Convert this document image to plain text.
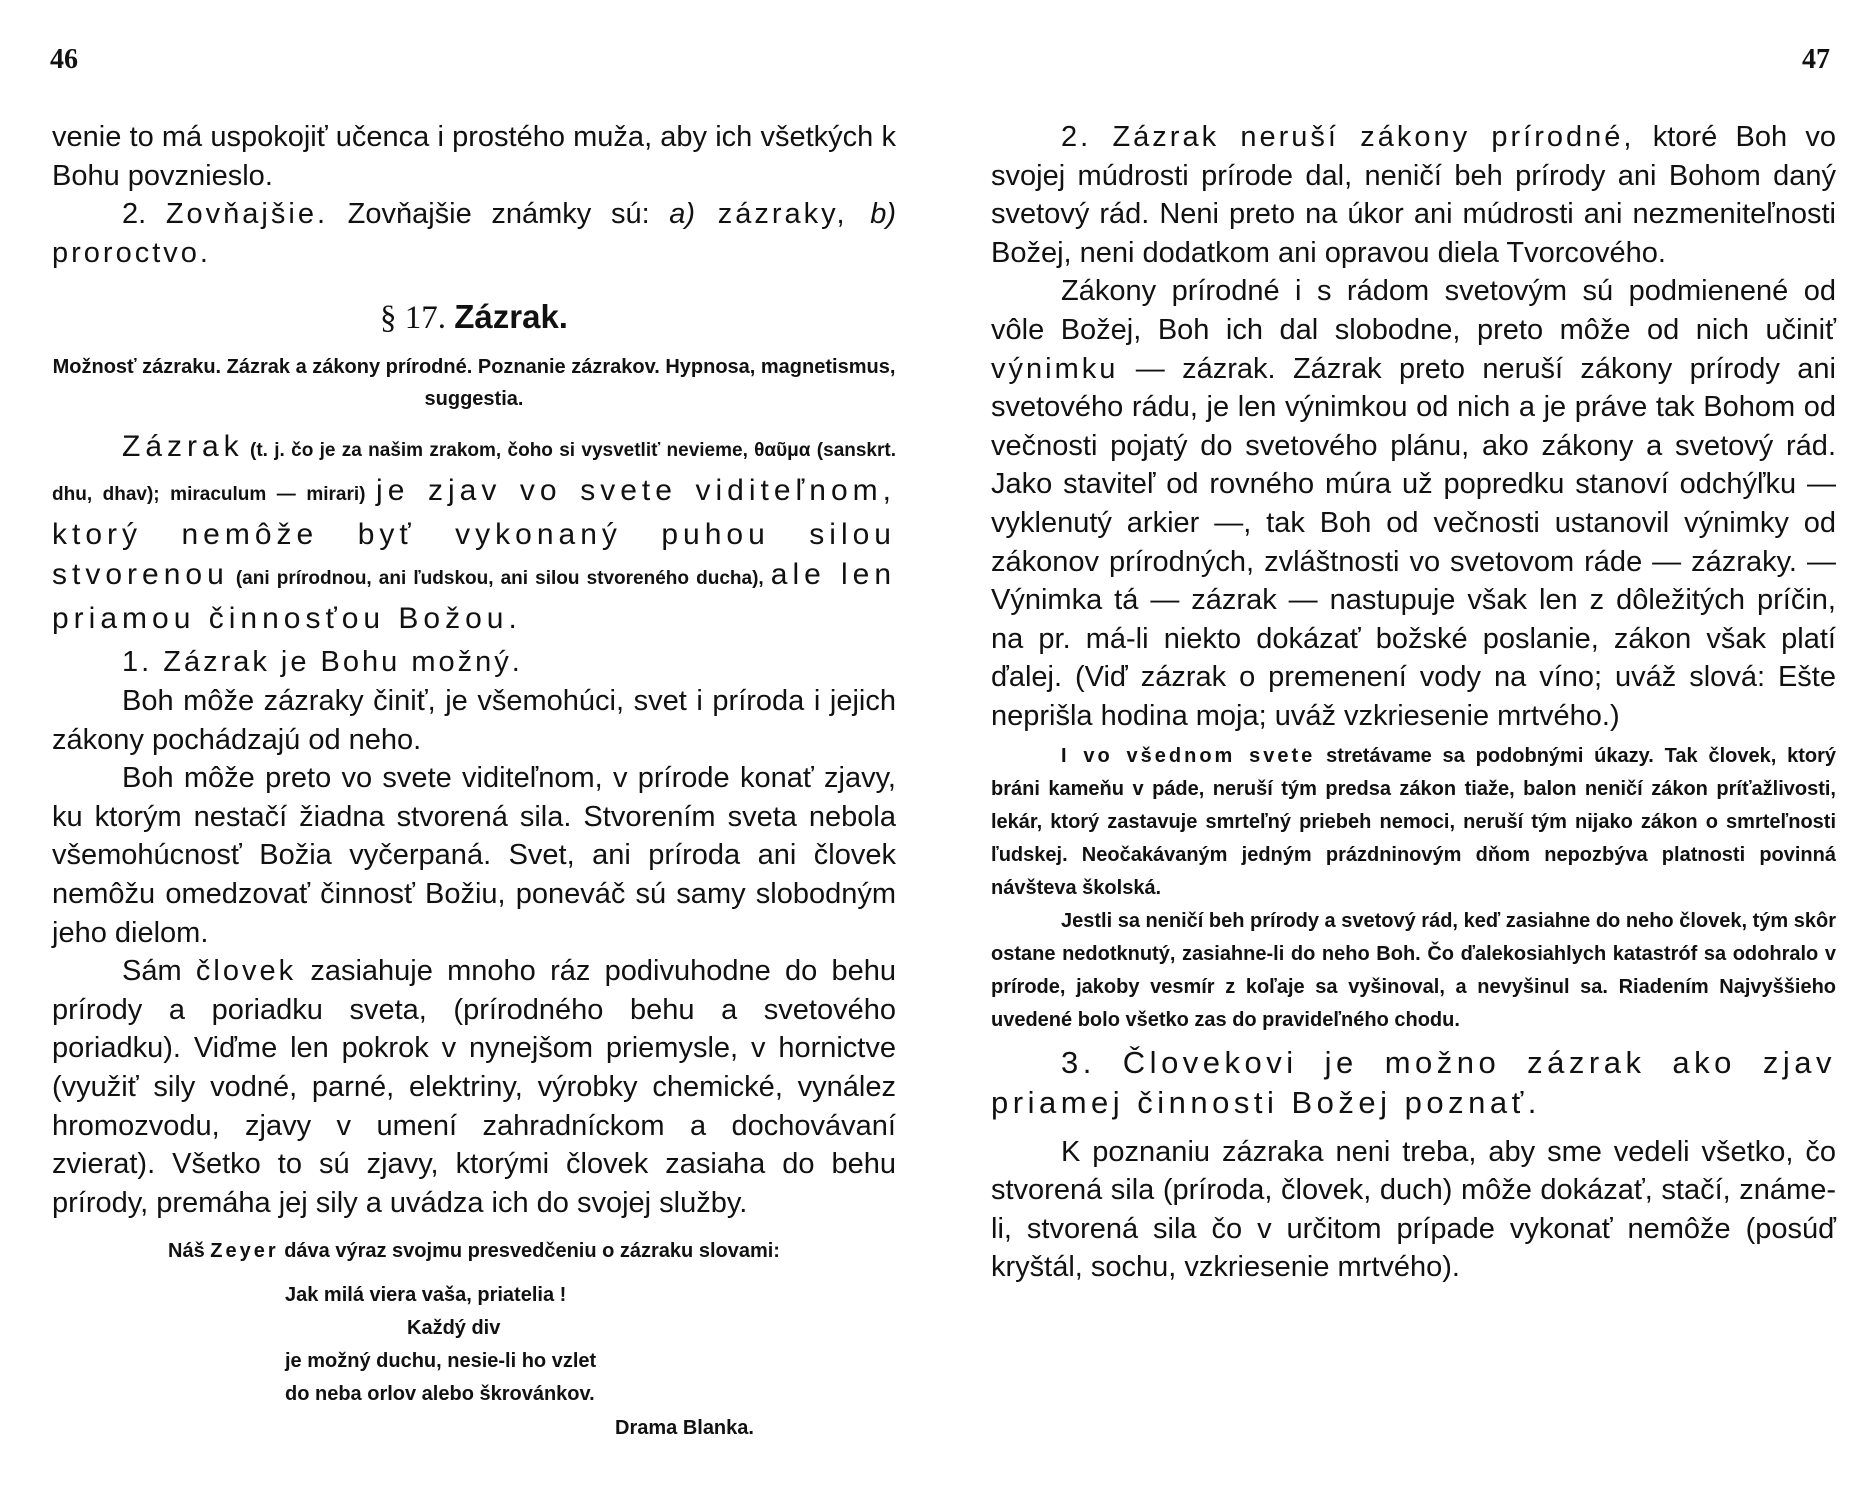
46

venie to má uspokojiť učenca i prostého muža, aby ich všetkých k Bohu povznieslo.

2. Zovňajšie. Zovňajšie známky sú: a) zázraky, b) proroctvo.

§ 17. Zázrak.
Možnosť zázraku. Zázrak a zákony prírodné. Poznanie zázrakov. Hypnosa, magnetismus, suggestia.

Zázrak (t. j. čo je za našim zrakom, čoho si vysvetliť nevieme, θαῦμα (sanskrt. dhu, dhav); miraculum — mirari) je zjav vo svete viditeľnom, ktorý nemôže byť vykonaný puhou silou stvorenou (ani prírodnou, ani ľudskou, ani silou stvoreného ducha), ale len priamou činnosťou Božou.

1. Zázrak je Bohu možný.

Boh môže zázraky činiť, je všemohúci, svet i príroda i jejich zákony pochádzajú od neho.

Boh môže preto vo svete viditeľnom, v prírode konať zjavy, ku ktorým nestačí žiadna stvorená sila. Stvorením sveta nebola všemohúcnosť Božia vyčerpaná. Svet, ani príroda ani človek nemôžu omedzovať činnosť Božiu, poneváč sú samy slobodným jeho dielom.

Sám človek zasiahuje mnoho ráz podivuhodne do behu prírody a poriadku sveta, (prírodného behu a svetového poriadku). Viďme len pokrok v nynejšom priemysle, v hornictve (využiť sily vodné, parné, elektriny, výrobky chemické, vynález hromozvodu, zjavy v umení zahradníckom a dochovávaní zvierat). Všetko to sú zjavy, ktorými človek zasiaha do behu prírody, premáha jej sily a uvádza ich do svojej služby.

Náš Zeyer dáva výraz svojmu presvedčeniu o zázraku slovami:
Jak milá viera vaša, priatelia !
Každý div
je možný duchu, nesie-li ho vzlet
do neba orlov alebo škrovánkov.
Drama Blanka.
47

2. Zázrak neruší zákony prírodné, ktoré Boh vo svojej múdrosti prírode dal, neničí beh prírody ani Bohom daný svetový rád. Neni preto na úkor ani múdrosti ani nezmeniteľnosti Božej, neni dodatkom ani opravou diela Tvorcového.

Zákony prírodné i s rádom svetovým sú podmienené od vôle Božej, Boh ich dal slobodne, preto môže od nich učiniť výnimku — zázrak. Zázrak preto neruší zákony prírody ani svetového rádu, je len výnimkou od nich a je práve tak Bohom od večnosti pojatý do svetového plánu, ako zákony a svetový rád. Jako staviteľ od rovného múra už popredku stanoví odchýľku — vyklenutý arkier —, tak Boh od večnosti ustanovil výnimky od zákonov prírodných, zvláštnosti vo svetovom ráde — zázraky. — Výnimka tá — zázrak — nastupuje však len z dôležitých príčin, na pr. má-li niekto dokázať božské poslanie, zákon však platí ďalej. (Viď zázrak o premenení vody na víno; uváž slová: Ešte neprišla hodina moja; uváž vzkriesenie mrtvého.)

I vo všednom svete stretávame sa podobnými úkazy. Tak človek, ktorý bráni kameňu v páde, neruší tým predsa zákon tiaže, balon neničí zákon príťažlivosti, lekár, ktorý zastavuje smrteľný priebeh nemoci, neruší tým nijako zákon o smrteľnosti ľudskej. Neočakávaným jedným prázdninovým dňom nepozbýva platnosti povinná návšteva školská.

Jestli sa neničí beh prírody a svetový rád, keď zasiahne do neho človek, tým skôr ostane nedotknutý, zasiahne-li do neho Boh. Čo ďalekosiahlych katastróf sa odohralo v prírode, jakoby vesmír z koľaje sa vyšinoval, a nevyšinul sa. Riadením Najvyššieho uvedené bolo všetko zas do pravideľného chodu.

3. Človekovi je možno zázrak ako zjav priamej činnosti Božej poznať.

K poznaniu zázraka neni treba, aby sme vedeli všetko, čo stvorená sila (príroda, človek, duch) môže dokázať, stačí, známe-li, stvorená sila čo v určitom prípade vykonať nemôže (posúď kryštál, sochu, vzkriesenie mrtvého).
